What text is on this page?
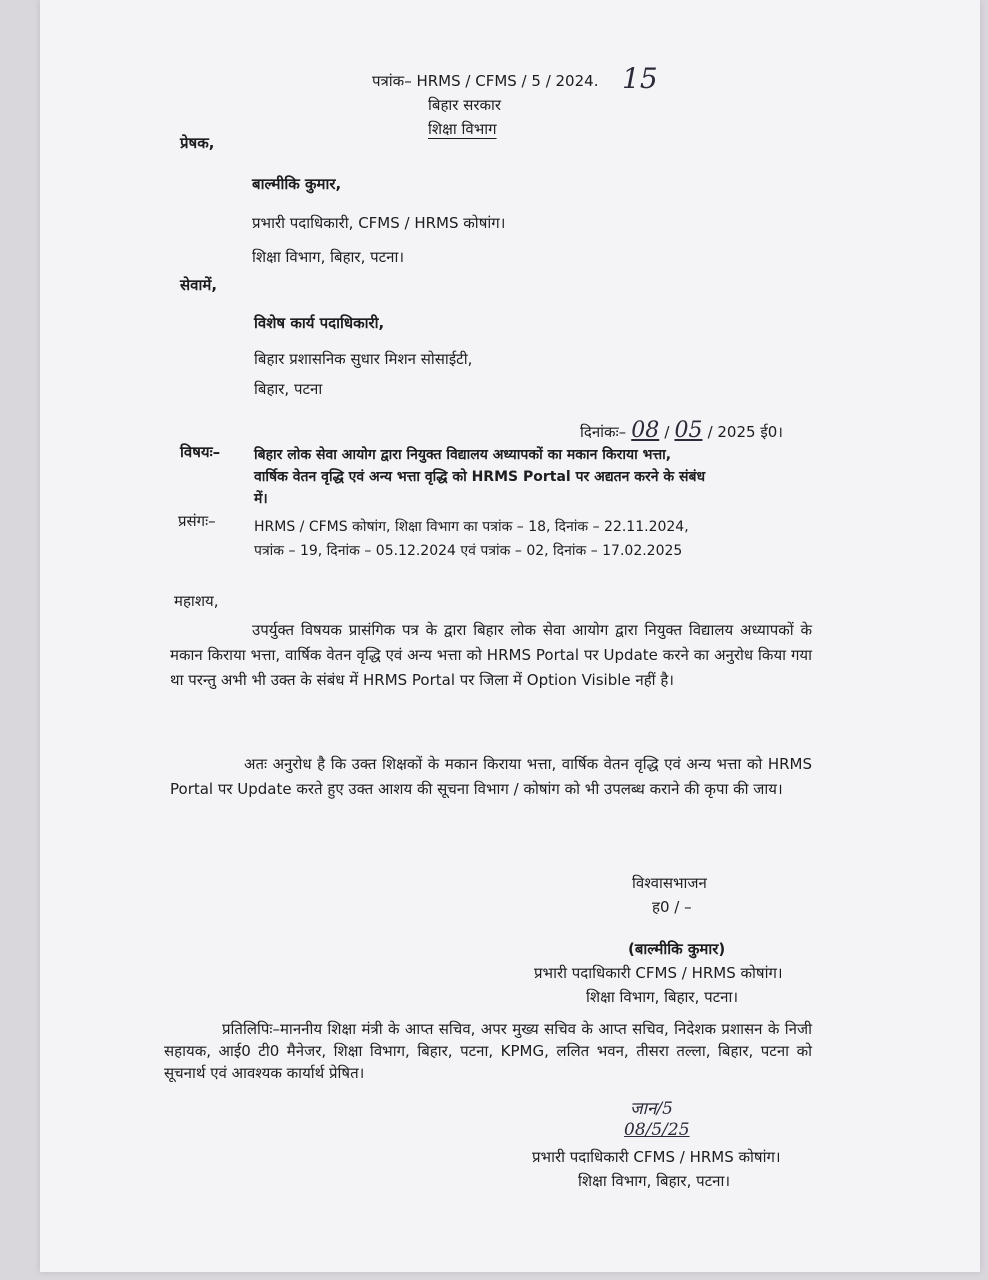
पत्रांक– HRMS / CFMS / 5 / 2024. 15
बिहार सरकार
शिक्षा विभाग
प्रेषक,
बाल्मीकि कुमार,
प्रभारी पदाधिकारी, CFMS / HRMS कोषांग।
शिक्षा विभाग, बिहार, पटना।
सेवामें,
विशेष कार्य पदाधिकारी,
बिहार प्रशासनिक सुधार मिशन सोसाईटी,
बिहार, पटना
दिनांकः– 08 / 05 / 2025 ई0।
विषयः– बिहार लोक सेवा आयोग द्वारा नियुक्त विद्यालय अध्यापकों का मकान किराया भत्ता,
वार्षिक वेतन वृद्धि एवं अन्य भत्ता वृद्धि को HRMS Portal पर अद्यतन करने के संबंध
में।
प्रसंगः–	HRMS / CFMS कोषांग, शिक्षा विभाग का पत्रांक – 18, दिनांक – 22.11.2024,
पत्रांक – 19, दिनांक – 05.12.2024 एवं पत्रांक – 02, दिनांक – 17.02.2025
महाशय,

उपर्युक्त विषयक प्रासंगिक पत्र के द्वारा बिहार लोक सेवा आयोग द्वारा नियुक्त विद्यालय अध्यापकों के मकान किराया भत्ता, वार्षिक वेतन वृद्धि एवं अन्य भत्ता को HRMS Portal पर Update करने का अनुरोध किया गया था परन्तु अभी भी उक्त के संबंध में HRMS Portal पर जिला में Option Visible नहीं है।

अतः अनुरोध है कि उक्त शिक्षकों के मकान किराया भत्ता, वार्षिक वेतन वृद्धि एवं अन्य भत्ता को HRMS Portal पर Update करते हुए उक्त आशय की सूचना विभाग / कोषांग को भी उपलब्ध कराने की कृपा की जाय।

विश्वासभाजन
ह0 / –
(बाल्मीकि कुमार)
प्रभारी पदाधिकारी CFMS / HRMS कोषांग।
शिक्षा विभाग, बिहार, पटना।

प्रतिलिपिः–माननीय शिक्षा मंत्री के आप्त सचिव, अपर मुख्य सचिव के आप्त सचिव, निदेशक प्रशासन के निजी सहायक, आई0 टी0 मैनेजर, शिक्षा विभाग, बिहार, पटना, KPMG, ललित भवन, तीसरा तल्ला, बिहार, पटना को सूचनार्थ एवं आवश्यक कार्यार्थ प्रेषित।

जान/5
08/5/25
प्रभारी पदाधिकारी CFMS / HRMS कोषांग।
शिक्षा विभाग, बिहार, पटना।
